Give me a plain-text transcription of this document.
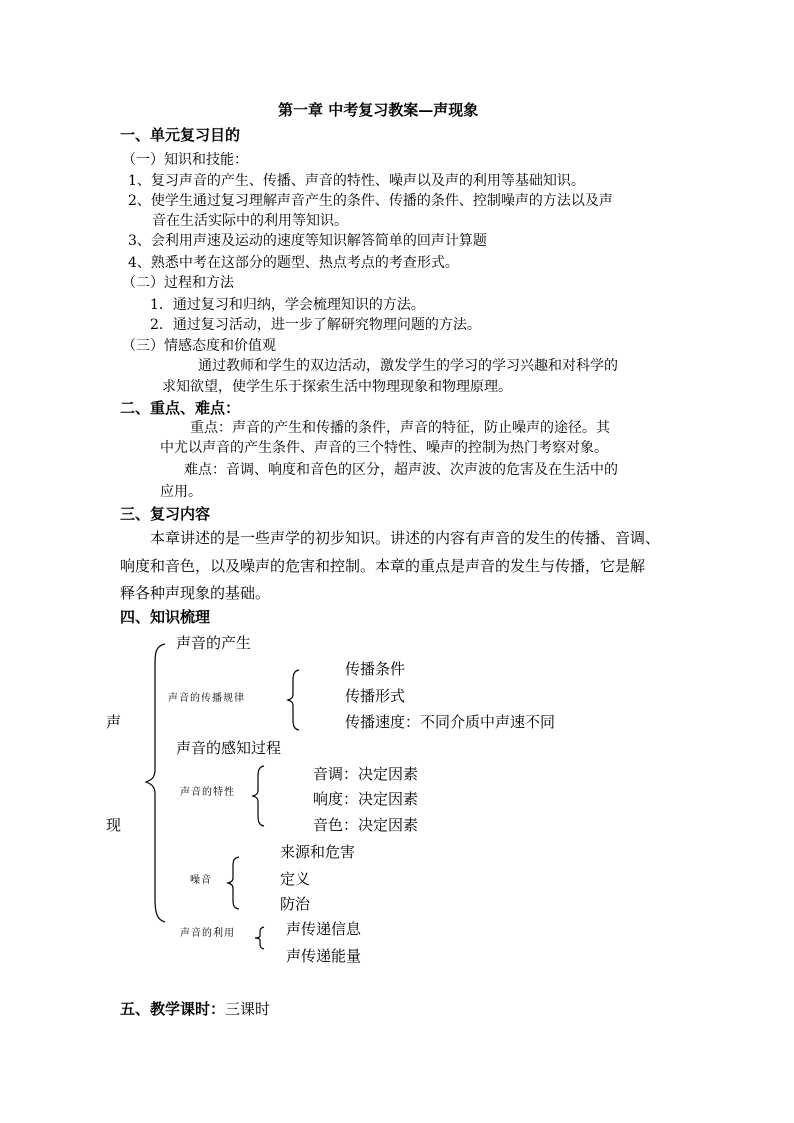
第一章 中考复习教案—声现象
一、单元复习目的
（一）知识和技能：
1、复习声音的产生、传播、声音的特性、噪声以及声的利用等基础知识。
2、使学生通过复习理解声音产生的条件、传播的条件、控制噪声的方法以及声
音在生活实际中的利用等知识。
3、会利用声速及运动的速度等知识解答简单的回声计算题
4、熟悉中考在这部分的题型、热点考点的考查形式。
（二）过程和方法
1．通过复习和归纳，学会梳理知识的方法。
2．通过复习活动，进一步了解研究物理问题的方法。
（三）情感态度和价值观
通过教师和学生的双边活动，激发学生的学习的学习兴趣和对科学的
求知欲望，使学生乐于探索生活中物理现象和物理原理。
二、重点、难点：
重点：声音的产生和传播的条件，声音的特征，防止噪声的途径。其
中尤以声音的产生条件、声音的三个特性、噪声的控制为热门考察对象。
难点：音调、响度和音色的区分，超声波、次声波的危害及在生活中的
应用。
三、复习内容
本章讲述的是一些声学的初步知识。讲述的内容有声音的发生的传播、音调、
响度和音色，以及噪声的危害和控制。本章的重点是声音的发生与传播，它是解
释各种声现象的基础。
四、知识梳理
声
现
声音的产生
声音的传播规律
传播条件
传播形式
传播速度：不同介质中声速不同
声音的感知过程
声音的特性
音调：决定因素
响度：决定因素
音色：决定因素
噪音
来源和危害
定义
防治
声音的利用	声传递信息
声传递能量
五、教学课时：三课时
